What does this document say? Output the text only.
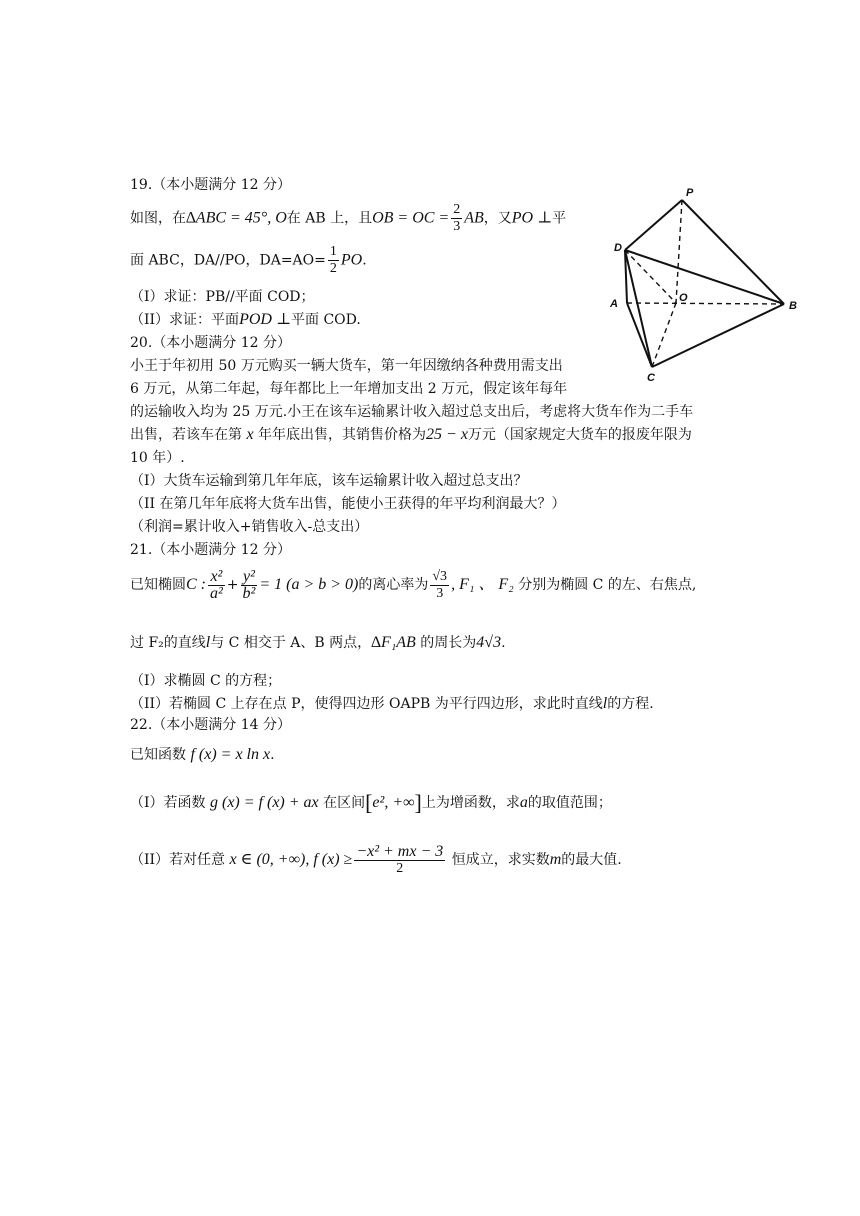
19.（本小题满分 12 分）
如图，在∆ABC = 45°, O在 AB 上，且OB = OC = $\frac{2}{3}$ AB，又PO ⊥平
面 ABC，DA//PO，$DA=AO= \frac{1}{2}$ PO.
（I）求证：PB//平面 COD；
（II）求证：平面POD ⊥平面 COD.
20.（本小题满分 12 分）
小王于年初用 50 万元购买一辆大货车，第一年因缴纳各种费用需支出
6 万元，从第二年起，每年都比上一年增加支出 2 万元，假定该年每年
的运输收入均为 25 万元.小王在该车运输累计收入超过总支出后，考虑将大货车作为二手车
出售，若该车在第 x 年年底出售，其销售价格为25 − x万元（国家规定大货车的报废年限为
10 年）.
（I）大货车运输到第几年年底，该车运输累计收入超过总支出？
（II 在第几年年底将大货车出售，能使小王获得的年平均利润最大？）
（利润=累计收入+销售收入-总支出）
21.（本小题满分 12 分）
已知椭圆C : $\frac{\text{x²}}{\text{a²}} + \frac{\text{y²}}{\text{b²}} = 1$ (a > b > 0)的离心率为 $\frac{√3}{3}$ , F₁ 、 F₂ 分别为椭圆 C 的左、右焦点,
过 F₂的直线l与 C 相交于 A、B 两点，∆F₁AB 的周长为4√3.
（I）求椭圆 C 的方程；
（II）若椭圆 C 上存在点 P，使得四边形 OAPB 为平行四边形，求此时直线l的方程.
22.（本小题满分 14 分）
已知函数 f (x) = x ln x.
（I）若函数 g (x) = f (x) + ax 在区间[e², +∞]上为增函数，求a的取值范围；
（II）若对任意 x ∈ (0, +∞), f $(x) \ge \frac{\text{−x² + mx − 3}}{2}$ 恒成立，求实数m的最大值.
P
D
A	O
B
C
